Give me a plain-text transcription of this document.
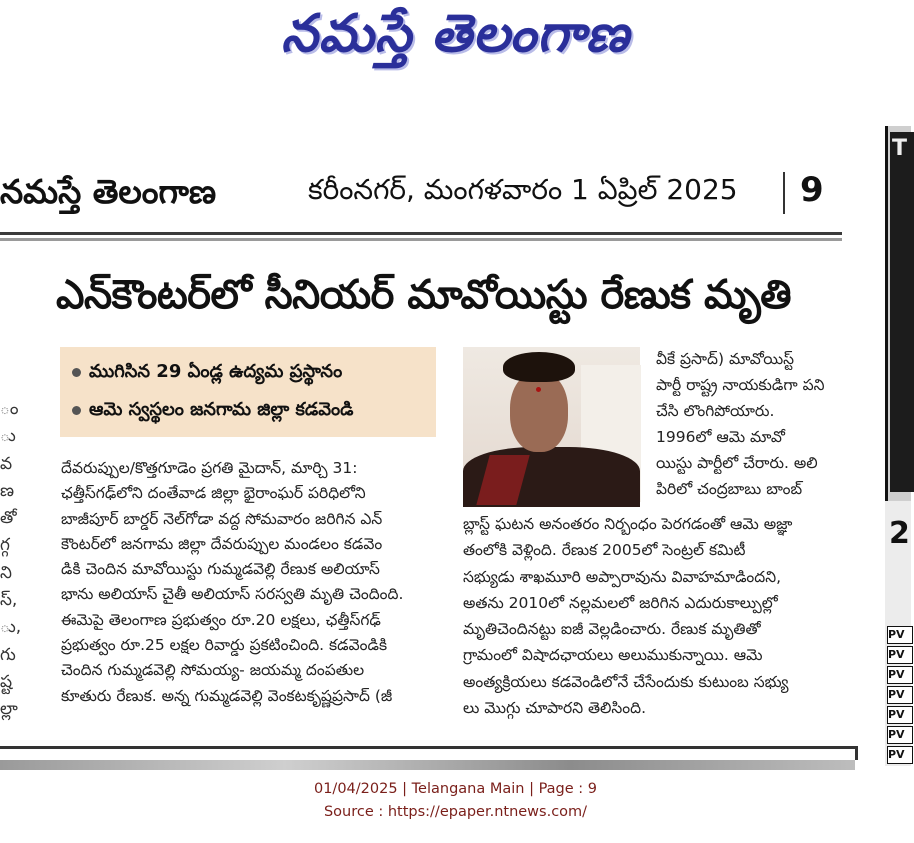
నమస్తే తెలంగాణ
నమస్తే తెలంగాణ	కరీంనగర్, మంగళవారం 1 ఏప్రిల్ 2025 9
ఎన్‌కౌంటర్‌లో సీనియర్ మావోయిస్టు రేణుక మృతి
ం
ు
వ
ణ
తో
గ్గ
ని
స్,
ు,
గు
ష్ట
ల్లా
ముగిసిన 29 ఏండ్ల ఉద్యమ ప్రస్థానం
ఆమె స్వస్థలం జనగామ జిల్లా కడవెండి
దేవరుప్పుల/కొత్తగూడెం ప్రగతి మైదాన్, మార్చి 31:
ఛత్తీస్‌గఢ్‌లోని దంతేవాడ జిల్లా భైరాంఘర్ పరిధిలోని
బాజీపూర్ బార్డర్ నెల్‌గోడా వద్ద సోమవారం జరిగిన ఎన్
కౌంటర్‌లో జనగామ జిల్లా దేవరుప్పుల మండలం కడవెం
డికి చెందిన మావోయిస్టు గుమ్మడవెల్లి రేణుక అలియాస్
భాను అలియాస్ చైతీ అలియాస్ సరస్వతి మృతి చెందింది.
ఈమెపై తెలంగాణ ప్రభుత్వం రూ.20 లక్షలు, ఛత్తీస్‌గఢ్
ప్రభుత్వం రూ.25 లక్షల రివార్డు ప్రకటించింది. కడవెండికి
చెందిన గుమ్మడవెల్లి సోమయ్య- జయమ్మ దంపతుల
కూతురు రేణుక. అన్న గుమ్మడవెల్లి వెంకటకృష్ణప్రసాద్ (జీ
వీకే ప్రసాద్) మావోయిస్ట్
పార్టీ రాష్ట్ర నాయకుడిగా పని
చేసి లొంగిపోయారు.
1996లో ఆమె మావో
యిస్టు పార్టీలో చేరారు. అలి
పిరిలో చంద్రబాబు బాంబ్
బ్లాస్ట్ ఘటన అనంతరం నిర్బంధం పెరగడంతో ఆమె అజ్ఞా
తంలోకి వెళ్లింది. రేణుక 2005లో సెంట్రల్ కమిటీ
సభ్యుడు శాఖమూరి అప్పారావును వివాహమాడిందని,
అతను 2010లో నల్లమలలో జరిగిన ఎదురుకాల్పుల్లో
మృతిచెందినట్టు ఐజీ వెల్లడించారు. రేణుక మృతితో
గ్రామంలో విషాదఛాయలు అలుముకున్నాయి. ఆమె
అంత్యక్రియలు కడవెండిలోనే చేసేందుకు కుటుంబ సభ్యు
లు మొగ్గు చూపారని తెలిసింది.
T
2
PV
PV
PV
PV
PV
PV
PV
01/04/2025 | Telangana Main | Page : 9
Source : https://epaper.ntnews.com/
